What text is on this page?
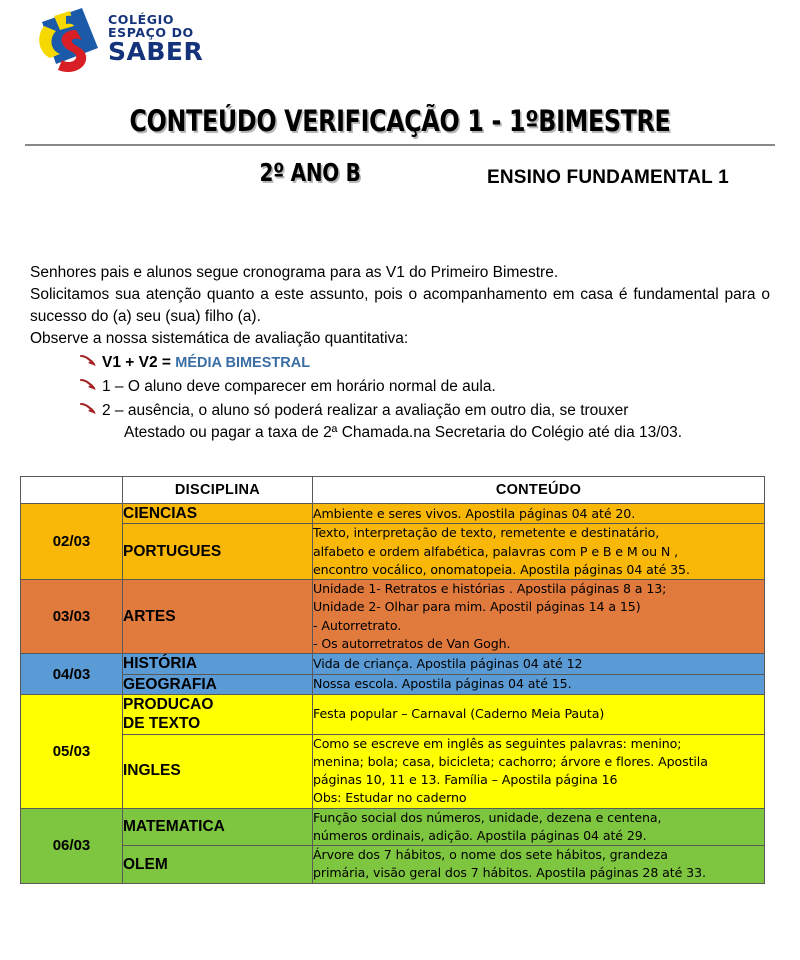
COLÉGIO
ESPAÇO DO
SABER
CONTEÚDO VERIFICAÇÃO 1 - 1ºBIMESTRE
2º ANO B	ENSINO FUNDAMENTAL 1

Senhores pais e alunos segue cronograma para as V1 do Primeiro Bimestre.

Solicitamos sua atenção quanto a este assunto, pois o acompanhamento em casa é fundamental para o sucesso do (a) seu (sua) filho (a).

Observe a nossa sistemática de avaliação quantitativa:

V1 + V2 = MÉDIA BIMESTRAL
1 – O aluno deve comparecer em horário normal de aula.
2 – ausência, o aluno só poderá realizar a avaliação em outro dia, se trouxer
Atestado ou pagar a taxa de 2ª Chamada.na Secretaria do Colégio até dia 13/03.
	DISCIPLINA	CONTEÚDO
02/03	CIENCIAS	Ambiente e seres vivos. Apostila páginas 04 até 20.

	PORTUGUES	Texto, interpretação de texto, remetente e destinatário,
alfabeto e ordem alfabética, palavras com P e B e M ou N ,
encontro vocálico, onomatopeia. Apostila páginas 04 até 35.

03/03	ARTES	Unidade 1- Retratos e histórias . Apostila páginas 8 a 13;
Unidade 2- Olhar para mim. Apostil páginas 14 a 15)
- Autorretrato.
- Os autorretratos de Van Gogh.

04/03	HISTÓRIA	Vida de criança. Apostila páginas 04 até 12

	GEOGRAFIA	Nossa escola. Apostila páginas 04 até 15.

05/03	PRODUCAO
DE TEXTO	Festa popular – Carnaval (Caderno Meia Pauta)

	INGLES	Como se escreve em inglês as seguintes palavras: menino;
menina; bola; casa, bicicleta; cachorro; árvore e flores. Apostila
páginas 10, 11 e 13. Família – Apostila página 16
Obs: Estudar no caderno

06/03	MATEMATICA	Função social dos números, unidade, dezena e centena,
números ordinais, adição. Apostila páginas 04 até 29.

	OLEM	Árvore dos 7 hábitos, o nome dos sete hábitos, grandeza
primária, visão geral dos 7 hábitos. Apostila páginas 28 até 33.
